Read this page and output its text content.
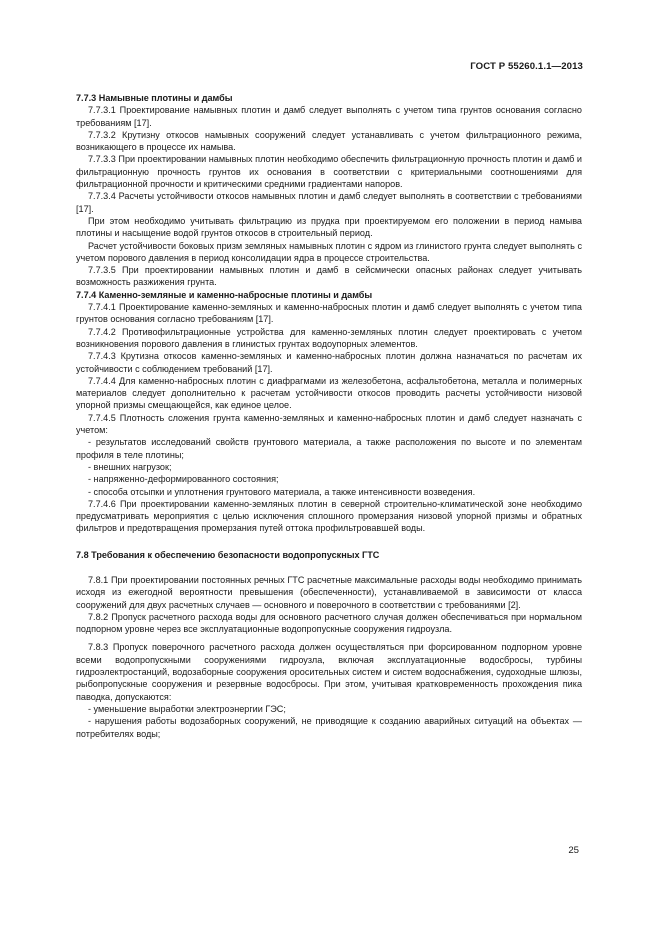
ГОСТ Р 55260.1.1—2013

7.7.3 Намывные плотины и дамбы

7.7.3.1 Проектирование намывных плотин и дамб следует выполнять с учетом типа грунтов основания согласно требованиям [17].

7.7.3.2 Крутизну откосов намывных сооружений следует устанавливать с учетом фильтрационного режима, возникающего в процессе их намыва.

7.7.3.3 При проектировании намывных плотин необходимо обеспечить фильтрационную прочность плотин и дамб и фильтрационную прочность грунтов их основания в соответствии с критериальными соотношениями для фильтрационной прочности и критическими средними градиентами напоров.

7.7.3.4 Расчеты устойчивости откосов намывных плотин и дамб следует выполнять в соответствии с требованиями [17].

При этом необходимо учитывать фильтрацию из прудка при проектируемом его положении в период намыва плотины и насыщение водой грунтов откосов в строительный период.

Расчет устойчивости боковых призм земляных намывных плотин с ядром из глинистого грунта следует выполнять с учетом порового давления в период консолидации ядра в процессе строительства.

7.7.3.5 При проектировании намывных плотин и дамб в сейсмически опасных районах следует учитывать возможность разжижения грунта.

7.7.4 Каменно-земляные и каменно-набросные плотины и дамбы

7.7.4.1 Проектирование каменно-земляных и каменно-набросных плотин и дамб следует выполнять с учетом типа грунтов основания согласно требованиям [17].

7.7.4.2 Противофильтрационные устройства для каменно-земляных плотин следует проектировать с учетом возникновения порового давления в глинистых грунтах водоупорных элементов.

7.7.4.3 Крутизна откосов каменно-земляных и каменно-набросных плотин должна назначаться по расчетам их устойчивости с соблюдением требований [17].

7.7.4.4 Для каменно-набросных плотин с диафрагмами из железобетона, асфальтобетона, металла и полимерных материалов следует дополнительно к расчетам устойчивости откосов проводить расчеты устойчивости низовой упорной призмы смещающейся, как единое целое.

7.7.4.5 Плотность сложения грунта каменно-земляных и каменно-набросных плотин и дамб следует назначать с учетом:

- результатов исследований свойств грунтового материала, а также расположения по высоте и по элементам профиля в теле плотины;

- внешних нагрузок;

- напряженно-деформированного состояния;

- способа отсыпки и уплотнения грунтового материала, а также интенсивности возведения.

7.7.4.6 При проектировании каменно-земляных плотин в северной строительно-климатической зоне необходимо предусматривать мероприятия с целью исключения сплошного промерзания низовой упорной призмы и обратных фильтров и предотвращения промерзания путей оттока профильтровавшей воды.

7.8 Требования к обеспечению безопасности водопропускных ГТС

7.8.1 При проектировании постоянных речных ГТС расчетные максимальные расходы воды необходимо принимать исходя из ежегодной вероятности превышения (обеспеченности), устанавливаемой в зависимости от класса сооружений для двух расчетных случаев — основного и поверочного в соответствии с требованиями [2].

7.8.2 Пропуск расчетного расхода воды для основного расчетного случая должен обеспечиваться при нормальном подпорном уровне через все эксплуатационные водопропускные сооружения гидроузла.

7.8.3 Пропуск поверочного расчетного расхода должен осуществляться при форсированном подпорном уровне всеми водопропускными сооружениями гидроузла, включая эксплуатационные водосбросы, турбины гидроэлектростанций, водозаборные сооружения оросительных систем и систем водоснабжения, судоходные шлюзы, рыбопропускные сооружения и резервные водосбросы. При этом, учитывая кратковременность прохождения пика паводка, допускаются:

- уменьшение выработки электроэнергии ГЭС;

- нарушения работы водозаборных сооружений, не приводящие к созданию аварийных ситуаций на объектах — потребителях воды;

25
